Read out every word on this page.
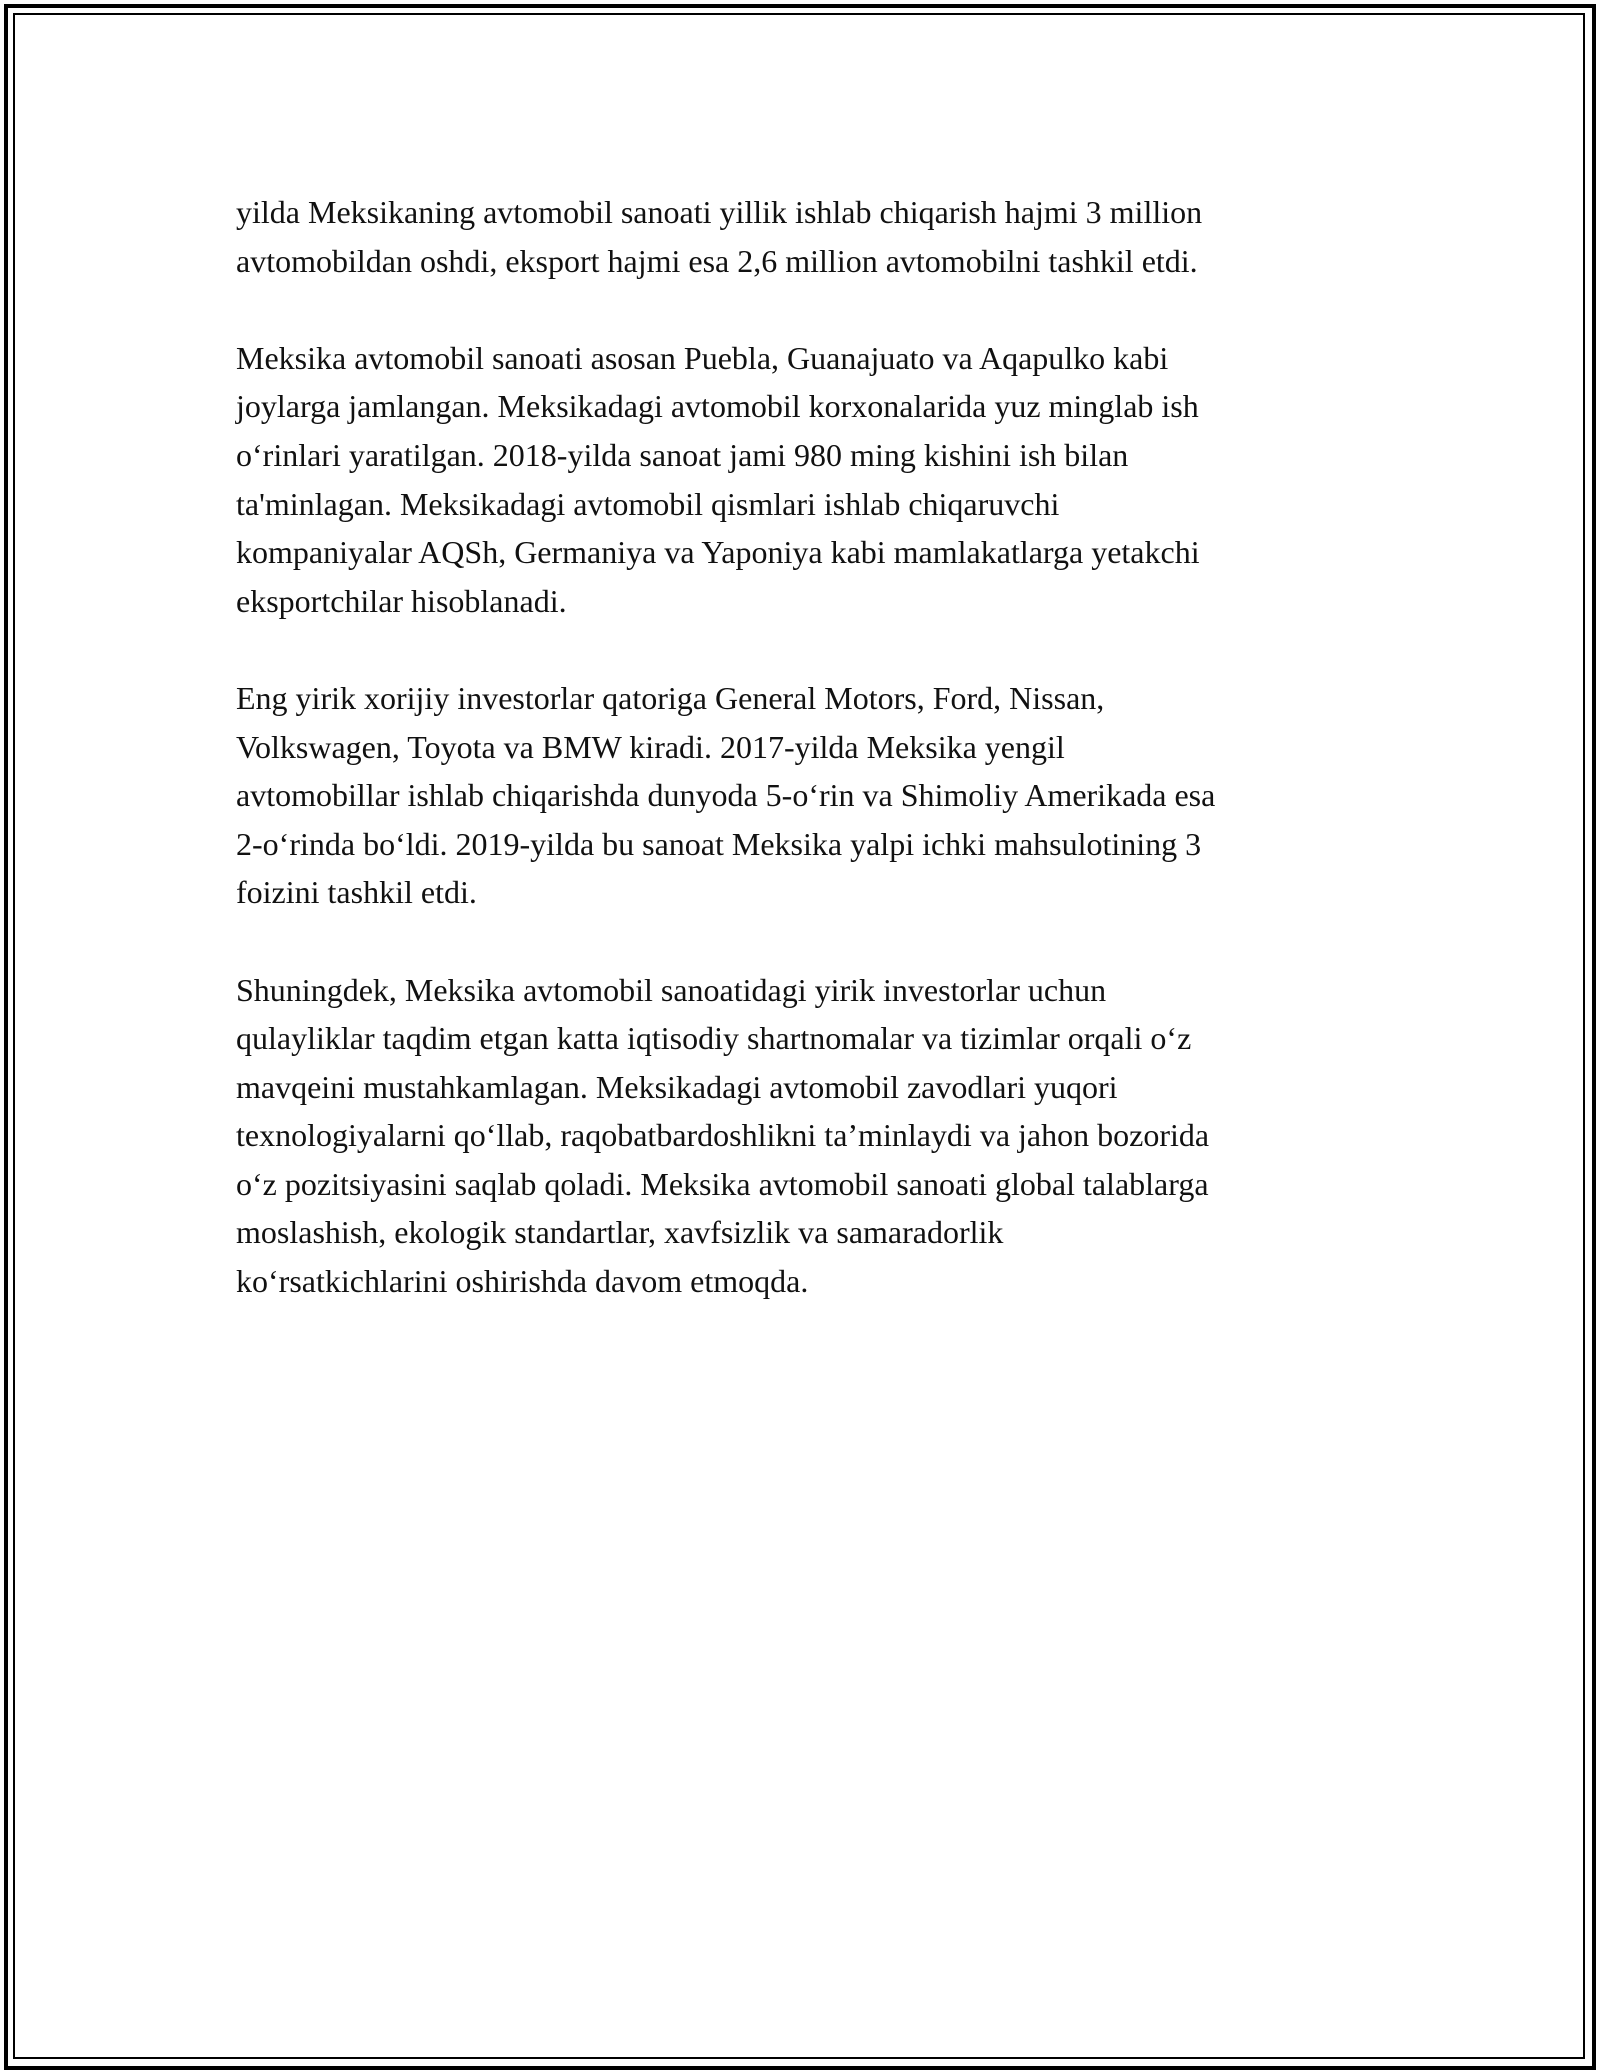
yilda Meksikaning avtomobil sanoati yillik ishlab chiqarish hajmi 3 million
avtomobildan oshdi, eksport hajmi esa 2,6 million avtomobilni tashkil etdi.

Meksika avtomobil sanoati asosan Puebla, Guanajuato va Aqapulko kabi
joylarga jamlangan. Meksikadagi avtomobil korxonalarida yuz minglab ish
o‘rinlari yaratilgan. 2018-yilda sanoat jami 980 ming kishini ish bilan
ta'minlagan. Meksikadagi avtomobil qismlari ishlab chiqaruvchi
kompaniyalar AQSh, Germaniya va Yaponiya kabi mamlakatlarga yetakchi
eksportchilar hisoblanadi.

Eng yirik xorijiy investorlar qatoriga General Motors, Ford, Nissan,
Volkswagen, Toyota va BMW kiradi. 2017-yilda Meksika yengil
avtomobillar ishlab chiqarishda dunyoda 5-o‘rin va Shimoliy Amerikada esa
2-o‘rinda bo‘ldi. 2019-yilda bu sanoat Meksika yalpi ichki mahsulotining 3
foizini tashkil etdi.

Shuningdek, Meksika avtomobil sanoatidagi yirik investorlar uchun
qulayliklar taqdim etgan katta iqtisodiy shartnomalar va tizimlar orqali o‘z
mavqeini mustahkamlagan. Meksikadagi avtomobil zavodlari yuqori
texnologiyalarni qo‘llab, raqobatbardoshlikni ta’minlaydi va jahon bozorida
o‘z pozitsiyasini saqlab qoladi. Meksika avtomobil sanoati global talablarga
moslashish, ekologik standartlar, xavfsizlik va samaradorlik
ko‘rsatkichlarini oshirishda davom etmoqda.
